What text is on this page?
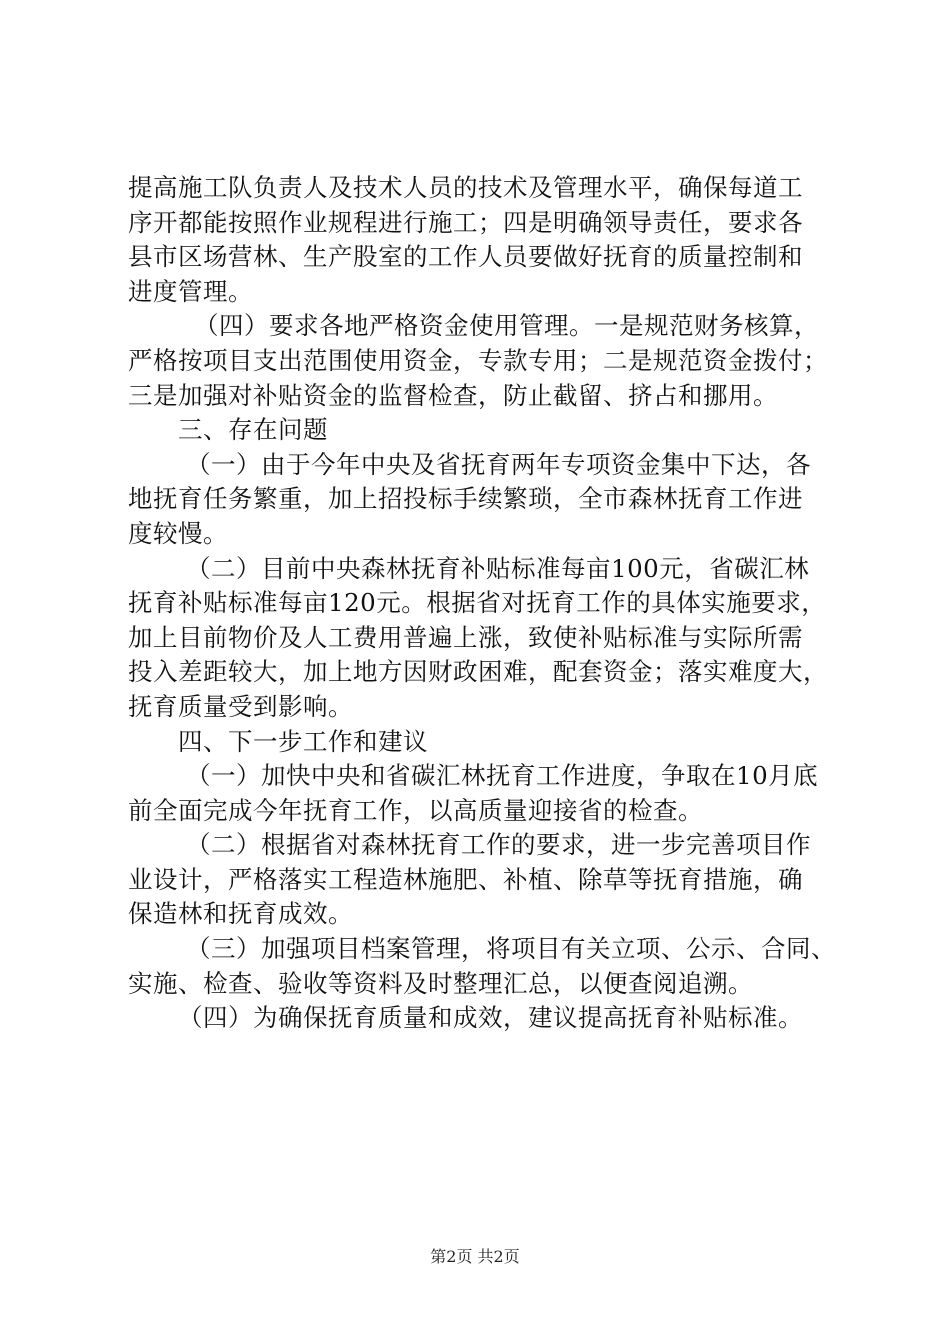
提高施工队负责人及技术人员的技术及管理水平，确保每道工
序开都能按照作业规程进行施工；四是明确领导责任，要求各
县市区场营林、生产股室的工作人员要做好抚育的质量控制和
进度管理。
（四）要求各地严格资金使用管理。一是规范财务核算，
严格按项目支出范围使用资金，专款专用；二是规范资金拨付；
三是加强对补贴资金的监督检查，防止截留、挤占和挪用。
三、存在问题
（一）由于今年中央及省抚育两年专项资金集中下达，各
地抚育任务繁重，加上招投标手续繁琐，全市森林抚育工作进
度较慢。
（二）目前中央森林抚育补贴标准每亩100元，省碳汇林
抚育补贴标准每亩120元。根据省对抚育工作的具体实施要求，
加上目前物价及人工费用普遍上涨，致使补贴标准与实际所需
投入差距较大，加上地方因财政困难，配套资金；落实难度大，
抚育质量受到影响。
四、下一步工作和建议
（一）加快中央和省碳汇林抚育工作进度，争取在10月底
前全面完成今年抚育工作，以高质量迎接省的检查。
（二）根据省对森林抚育工作的要求，进一步完善项目作
业设计，严格落实工程造林施肥、补植、除草等抚育措施，确
保造林和抚育成效。
（三）加强项目档案管理，将项目有关立项、公示、合同、
实施、检查、验收等资料及时整理汇总，以便查阅追溯。
（四）为确保抚育质量和成效，建议提高抚育补贴标准。
第2页 共2页
